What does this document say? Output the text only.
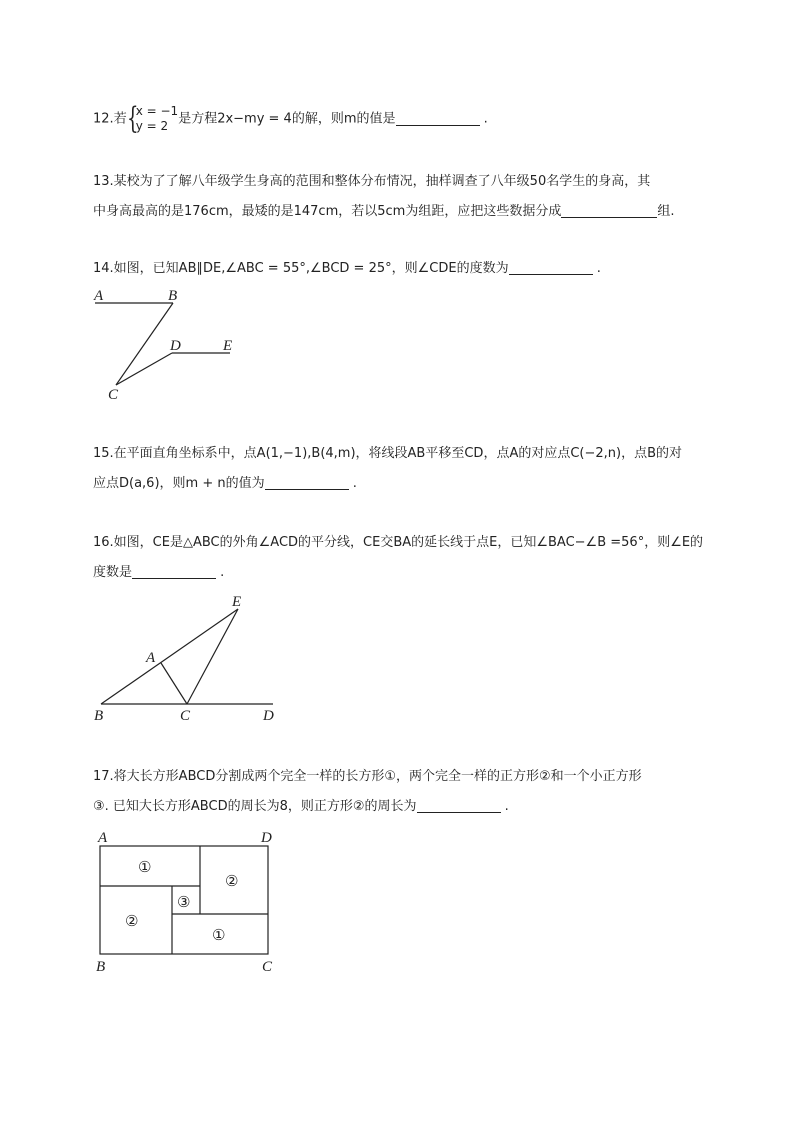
12.若 {
x = −1
y = 2 是方程2x−my = 4的解，则m的值是	.
13.某校为了了解八年级学生身高的范围和整体分布情况，抽样调查了八年级50名学生的身高，其
中身高最高的是176cm，最矮的是147cm，若以5cm为组距，应把这些数据分成	组.
14.如图，已知AB∥DE,∠ABC = 55°,∠BCD = 25°，则∠CDE的度数为	.
A	B
C
D	E
15.在平面直角坐标系中，点A(1,−1),B(4,m)，将线段AB平移至CD，点A的对应点C(−2,n)，点B的对
应点D(a,6)，则m + n的值为	.
16.如图，CE是△ABC的外角∠ACD的平分线，CE交BA的延长线于点E，已知∠BAC−∠B =56°，则∠E的
度数是	.
E
A
B	C	D
17.将大长方形ABCD分割成两个完全一样的长方形①，两个完全一样的正方形②和一个小正方形
③. 已知大长方形ABCD的周长为8，则正方形②的周长为	.
A	D
B	C
①
②
③
②
①
